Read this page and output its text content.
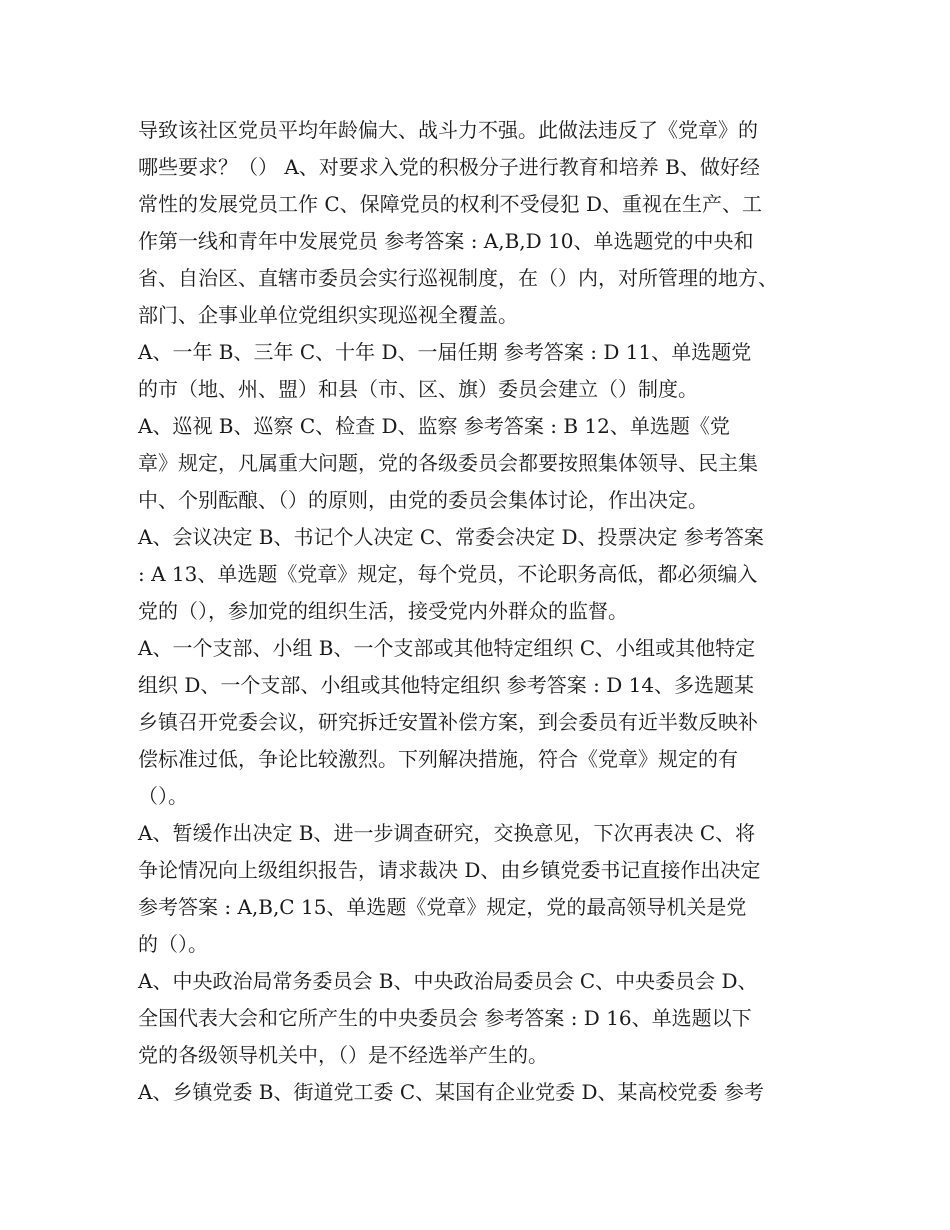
导致该社区党员平均年龄偏大、战斗力不强。此做法违反了《党章》的
哪些要求？（） A、对要求入党的积极分子进行教育和培养 B、做好经
常性的发展党员工作 C、保障党员的权利不受侵犯 D、重视在生产、工
作第一线和青年中发展党员 参考答案 : A,B,D 10、单选题党的中央和
省、自治区、直辖市委员会实行巡视制度，在（）内，对所管理的地方、
部门、企事业单位党组织实现巡视全覆盖。
A、一年 B、三年 C、十年 D、一届任期 参考答案 : D 11、单选题党
的市（地、州、盟）和县（市、区、旗）委员会建立（）制度。
A、巡视 B、巡察 C、检查 D、监察 参考答案 : B 12、单选题《党
章》规定，凡属重大问题，党的各级委员会都要按照集体领导、民主集
中、个别酝酿、（）的原则，由党的委员会集体讨论，作出决定。
A、会议决定 B、书记个人决定 C、常委会决定 D、投票决定 参考答案
: A 13、单选题《党章》规定，每个党员，不论职务高低，都必须编入
党的（），参加党的组织生活，接受党内外群众的监督。
A、一个支部、小组 B、一个支部或其他特定组织 C、小组或其他特定
组织 D、一个支部、小组或其他特定组织 参考答案 : D 14、多选题某
乡镇召开党委会议，研究拆迁安置补偿方案，到会委员有近半数反映补
偿标准过低，争论比较激烈。下列解决措施，符合《党章》规定的有
（）。
A、暂缓作出决定 B、进一步调查研究，交换意见，下次再表决 C、将
争论情况向上级组织报告，请求裁决 D、由乡镇党委书记直接作出决定
参考答案 : A,B,C 15、单选题《党章》规定，党的最高领导机关是党
的（）。
A、中央政治局常务委员会 B、中央政治局委员会 C、中央委员会 D、
全国代表大会和它所产生的中央委员会 参考答案 : D 16、单选题以下
党的各级领导机关中，（）是不经选举产生的。
A、乡镇党委 B、街道党工委 C、某国有企业党委 D、某高校党委 参考
